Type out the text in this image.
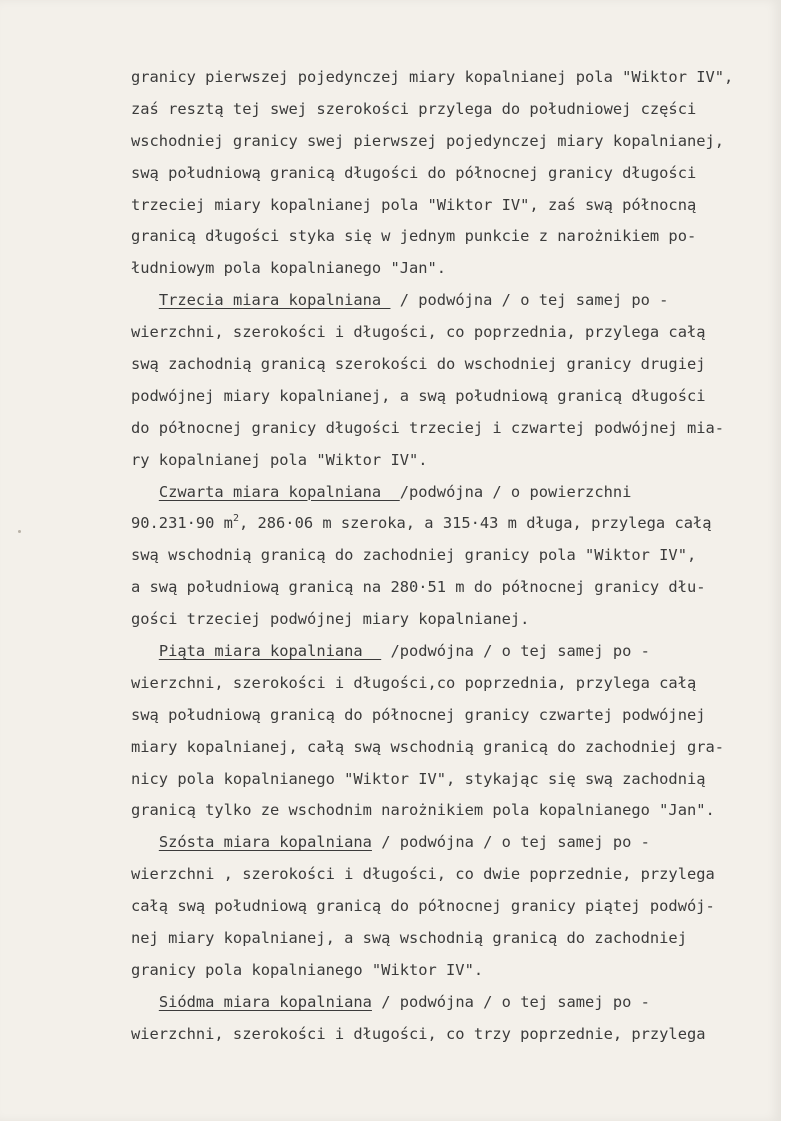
granicy pierwszej pojedynczej miary kopalnianej pola "Wiktor IV",
zaś resztą tej swej szerokości przylega do południowej części
wschodniej granicy swej pierwszej pojedynczej miary kopalnianej,
swą południową granicą długości do północnej granicy długości
trzeciej miary kopalnianej pola "Wiktor IV", zaś swą północną
granicą długości styka się w jednym punkcie z narożnikiem po-
łudniowym pola kopalnianego "Jan".
Trzecia miara kopalniana  / podwójna / o tej samej po -
wierzchni, szerokości i długości, co poprzednia, przylega całą
swą zachodnią granicą szerokości do wschodniej granicy drugiej
podwójnej miary kopalnianej, a swą południową granicą długości
do północnej granicy długości trzeciej i czwartej podwójnej mia-
ry kopalnianej pola "Wiktor IV".
Czwarta miara kopalniana  /podwójna / o powierzchni
90.231·90 $m^2$, 286·06 m szeroka, a 315·43 m długa, przylega całą
swą wschodnią granicą do zachodniej granicy pola "Wiktor IV",
a swą południową granicą na 280·51 m do północnej granicy dłu-
gości trzeciej podwójnej miary kopalnianej.
Piąta miara kopalniana   /podwójna / o tej samej po -
wierzchni, szerokości i długości,co poprzednia, przylega całą
swą południową granicą do północnej granicy czwartej podwójnej
miary kopalnianej, całą swą wschodnią granicą do zachodniej gra-
nicy pola kopalnianego "Wiktor IV", stykając się swą zachodnią
granicą tylko ze wschodnim narożnikiem pola kopalnianego "Jan".
Szósta miara kopalniana / podwójna / o tej samej po -
wierzchni , szerokości i długości, co dwie poprzednie, przylega
całą swą południową granicą do północnej granicy piątej podwój-
nej miary kopalnianej, a swą wschodnią granicą do zachodniej
granicy pola kopalnianego "Wiktor IV".
Siódma miara kopalniana / podwójna / o tej samej po -
wierzchni, szerokości i długości, co trzy poprzednie, przylega
